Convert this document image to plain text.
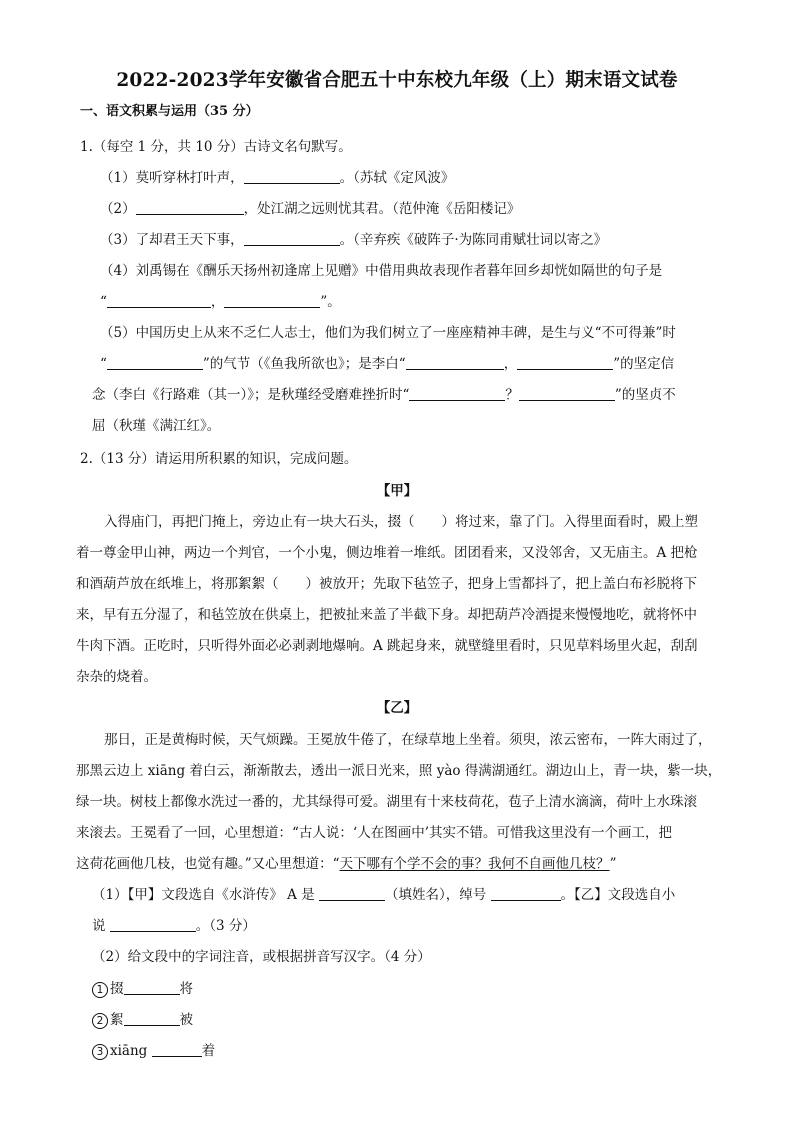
2022-2023学年安徽省合肥五十中东校九年级（上）期末语文试卷
一、语文积累与运用（35 分）
1.（每空 1 分，共 10 分）古诗文名句默写。
（1）莫听穿林打叶声，	。（苏轼《定风波》
（2）	，处江湖之远则忧其君。（范仲淹《岳阳楼记》
（3）了却君王天下事，	。（辛弃疾《破阵子·为陈同甫赋壮词以寄之》
（4）刘禹锡在《酬乐天扬州初逢席上见赠》中借用典故表现作者暮年回乡却恍如隔世的句子是
“	，	”。
（5）中国历史上从来不乏仁人志士，他们为我们树立了一座座精神丰碑，是生与义“不可得兼”时
“	”的气节（《鱼我所欲也》；是李白“	，	”的坚定信
念（李白《行路难（其一）》；是秋瑾经受磨难挫折时“	？	”的坚贞不
屈（秋瑾《满江红》。
2.（13 分）请运用所积累的知识，完成问题。
【甲】
入得庙门，再把门掩上，旁边止有一块大石头，掇（　　）将过来，靠了门。入得里面看时，殿上塑
着一尊金甲山神，两边一个判官，一个小鬼，侧边堆着一堆纸。团团看来，又没邻舍，又无庙主。A 把枪
和酒葫芦放在纸堆上，将那絮絮（　　）被放开；先取下毡笠子，把身上雪都抖了，把上盖白布衫脱将下
来，早有五分湿了，和毡笠放在供桌上，把被扯来盖了半截下身。却把葫芦冷酒提来慢慢地吃，就将怀中
牛肉下酒。正吃时，只听得外面必必剥剥地爆响。A 跳起身来，就壁缝里看时，只见草料场里火起，刮刮
杂杂的烧着。
【乙】
那日，正是黄梅时候，天气烦躁。王冕放牛倦了，在绿草地上坐着。须臾，浓云密布，一阵大雨过了，
那黑云边上 xiāng 着白云，渐渐散去，透出一派日光来，照 yào 得满湖通红。湖边山上，青一块，紫一块，
绿一块。树枝上都像水洗过一番的，尤其绿得可爱。湖里有十来枝荷花，苞子上清水滴滴，荷叶上水珠滚
来滚去。王冕看了一回，心里想道：“古人说：‘人在图画中’其实不错。可惜我这里没有一个画工，把
这荷花画他几枝，也觉有趣。”又心里想道：“天下哪有个学不会的事？我何不自画他几枝？”
（1）【甲】文段选自《水浒传》 A 是	（填姓名），绰号	。【乙】文段选自小
说	。（3 分）
（2）给文段中的字词注音，或根据拼音写汉字。（4 分）
1 掇	将
2 絮	被
3 xiāng	着
